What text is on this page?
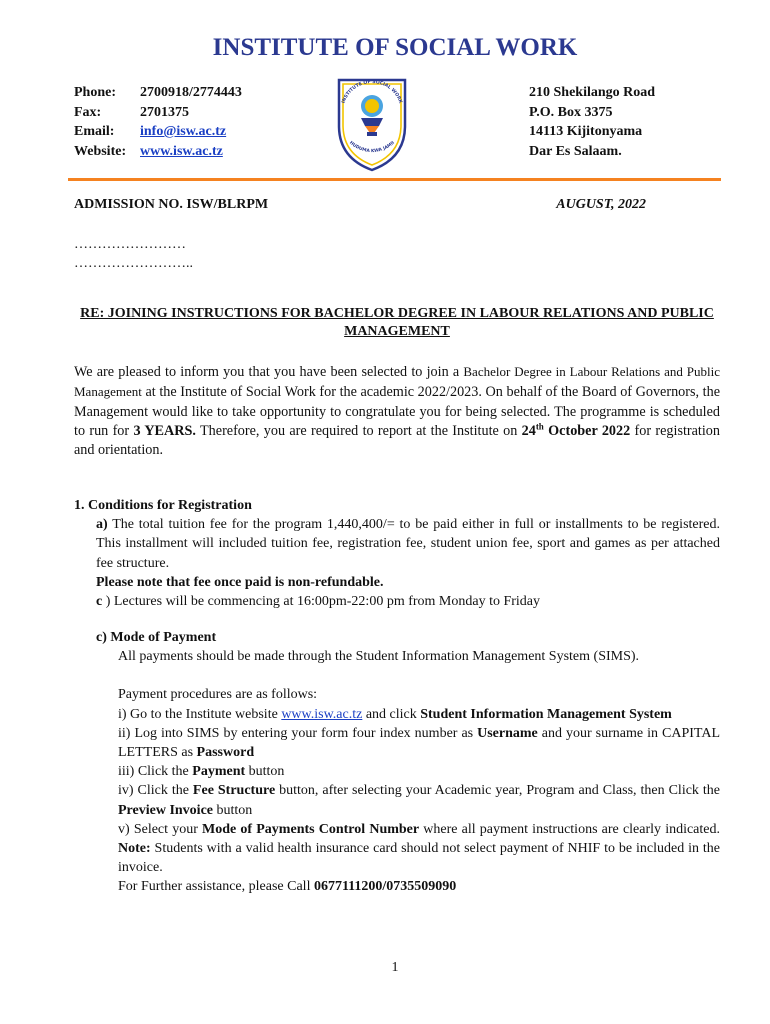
INSTITUTE OF SOCIAL WORK
Phone:	2700918/2774443
Fax:	2701375
Email:	info@isw.ac.tz
Website: www.isw.ac.tz
INSTITUTE OF SOCIAL WORK
HUDUMA KWA JAMII
210 Shekilango Road
P.O. Box 3375
14113 Kijitonyama
Dar Es Salaam.
ADMISSION NO. ISW/BLRPM	AUGUST, 2022
……………………
……………………..
RE: JOINING INSTRUCTIONS FOR BACHELOR DEGREE IN LABOUR RELATIONS AND PUBLIC MANAGEMENT
We are pleased to inform you that you have been selected to join a Bachelor Degree in Labour Relations and Public Management at the Institute of Social Work for the academic 2022/2023. On behalf of the Board of Governors, the Management would like to take opportunity to congratulate you for being selected. The programme is scheduled to run for 3 YEARS. Therefore, you are required to report at the Institute on 24th October 2022 for registration and orientation.
1. Conditions for Registration
a) The total tuition fee for the program 1,440,400/= to be paid either in full or installments to be registered. This installment will included tuition fee, registration fee, student union fee, sport and games as per attached fee structure.
Please note that fee once paid is non-refundable.
c ) Lectures will be commencing at 16:00pm-22:00 pm from Monday to Friday
c) Mode of Payment
All payments should be made through the Student Information Management System (SIMS).
Payment procedures are as follows:
i) Go to the Institute website www.isw.ac.tz and click Student Information Management System
ii) Log into SIMS by entering your form four index number as Username and your surname in CAPITAL LETTERS as Password
iii) Click the Payment button
iv) Click the Fee Structure button, after selecting your Academic year, Program and Class, then Click the Preview Invoice button
v) Select your Mode of Payments Control Number where all payment instructions are clearly indicated. Note: Students with a valid health insurance card should not select payment of NHIF to be included in the invoice.
For Further assistance, please Call 0677111200/0735509090
1
